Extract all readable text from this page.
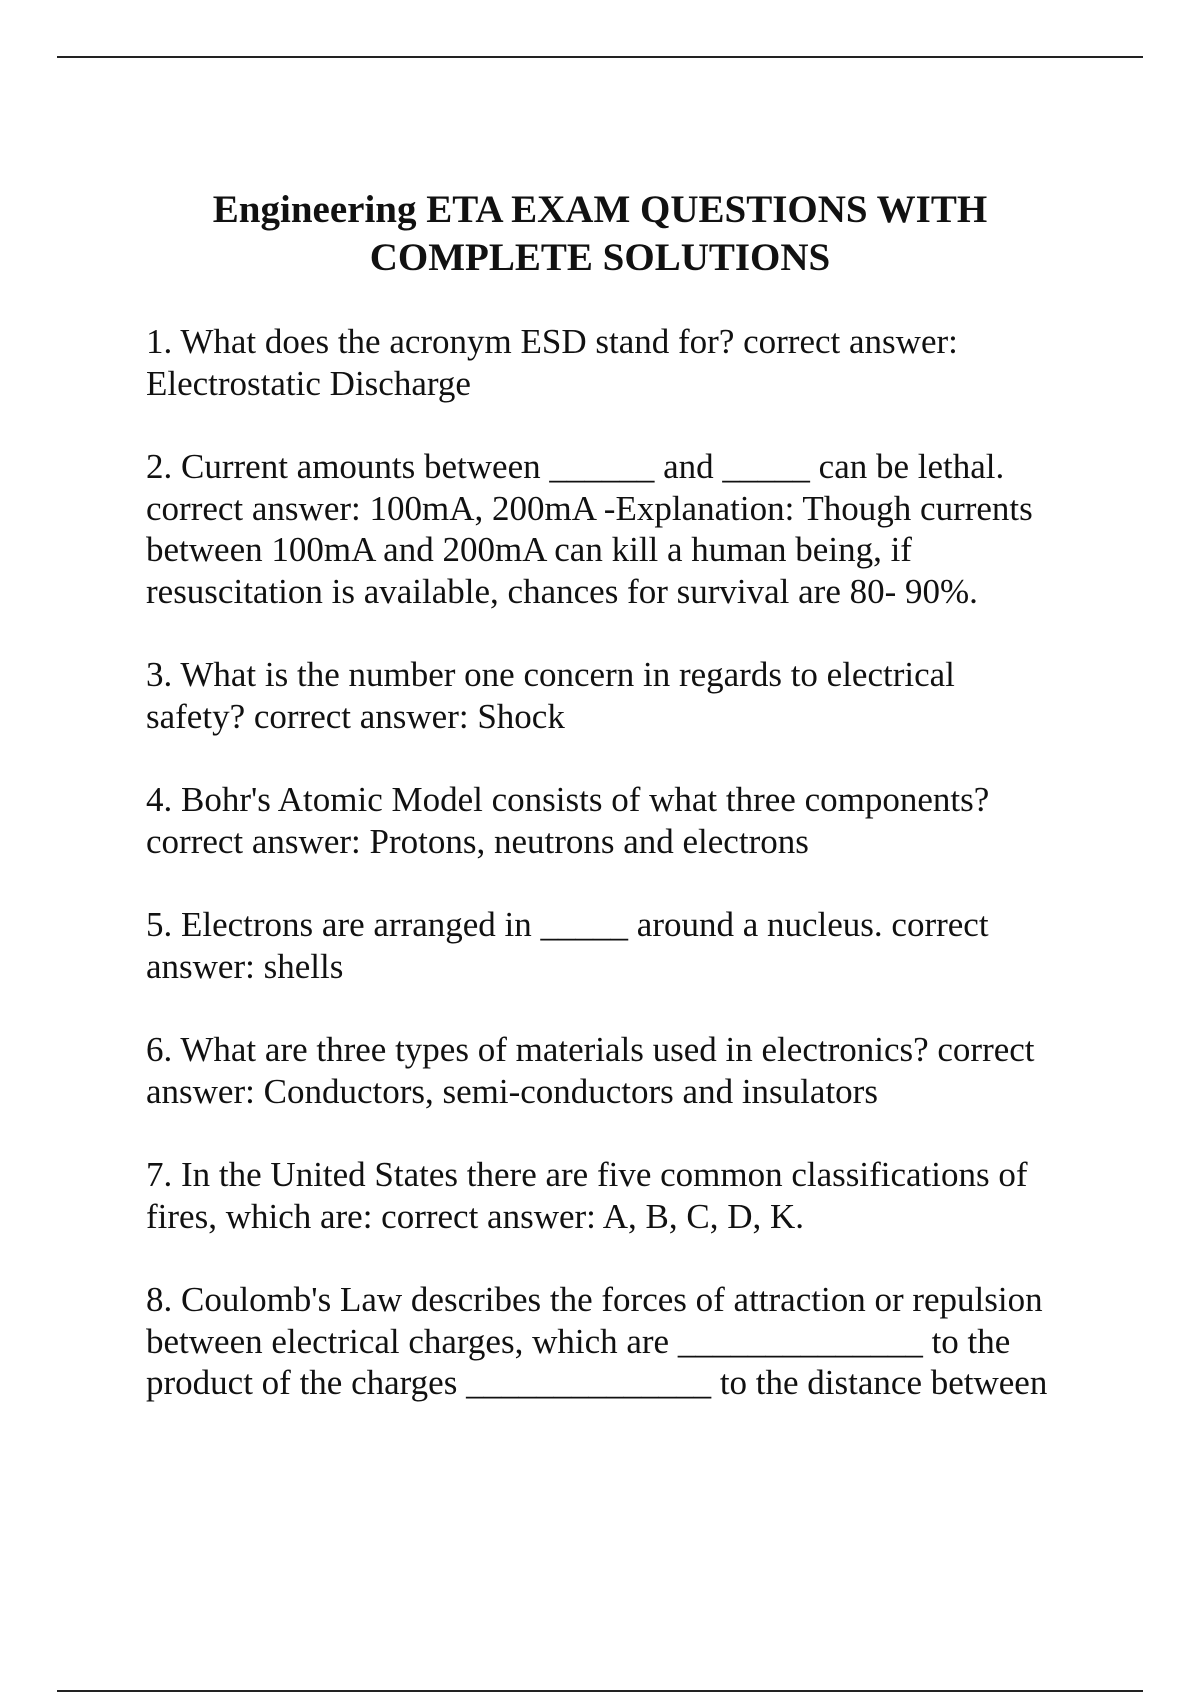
Engineering ETA EXAM QUESTIONS WITH
COMPLETE SOLUTIONS

1. What does the acronym ESD stand for? correct answer:
Electrostatic Discharge

2. Current amounts between ______ and _____ can be lethal.
correct answer: 100mA, 200mA -Explanation: Though currents
between 100mA and 200mA can kill a human being, if
resuscitation is available, chances for survival are 80- 90%.

3. What is the number one concern in regards to electrical
safety? correct answer: Shock

4. Bohr's Atomic Model consists of what three components?
correct answer: Protons, neutrons and electrons

5. Electrons are arranged in _____ around a nucleus. correct
answer: shells

6. What are three types of materials used in electronics? correct
answer: Conductors, semi-conductors and insulators

7. In the United States there are five common classifications of
fires, which are: correct answer: A, B, C, D, K.

8. Coulomb's Law describes the forces of attraction or repulsion
between electrical charges, which are ______________ to the
product of the charges ______________ to the distance between
